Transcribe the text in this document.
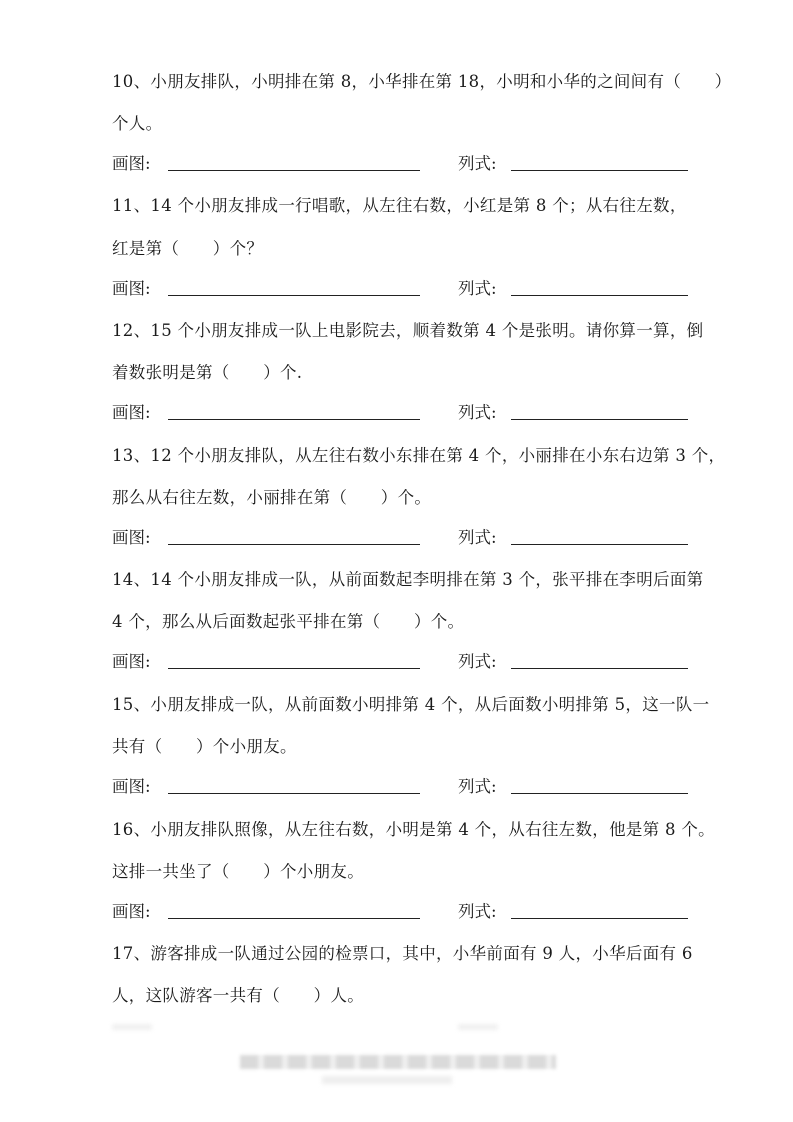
10、小朋友排队，小明排在第 8，小华排在第 18，小明和小华的之间间有（　　）
个人。
画图:	列式:
11、14 个小朋友排成一行唱歌，从左往右数，小红是第 8 个；从右往左数，
红是第（　　）个？
画图:	列式:
12、15 个小朋友排成一队上电影院去，顺着数第 4 个是张明。请你算一算，倒
着数张明是第（　　）个.
画图:	列式:
13、12 个小朋友排队，从左往右数小东排在第 4 个，小丽排在小东右边第 3 个，
那么从右往左数，小丽排在第（　　）个。
画图:	列式:
14、14 个小朋友排成一队，从前面数起李明排在第 3 个，张平排在李明后面第
4 个，那么从后面数起张平排在第（　　）个。
画图:	列式:
15、小朋友排成一队，从前面数小明排第 4 个，从后面数小明排第 5，这一队一
共有（　　）个小朋友。
画图:	列式:
16、小朋友排队照像，从左往右数，小明是第 4 个，从右往左数，他是第 8 个。
这排一共坐了（　　）个小朋友。
画图:	列式:
17、游客排成一队通过公园的检票口，其中，小华前面有 9 人，小华后面有 6
人，这队游客一共有（　　）人。
